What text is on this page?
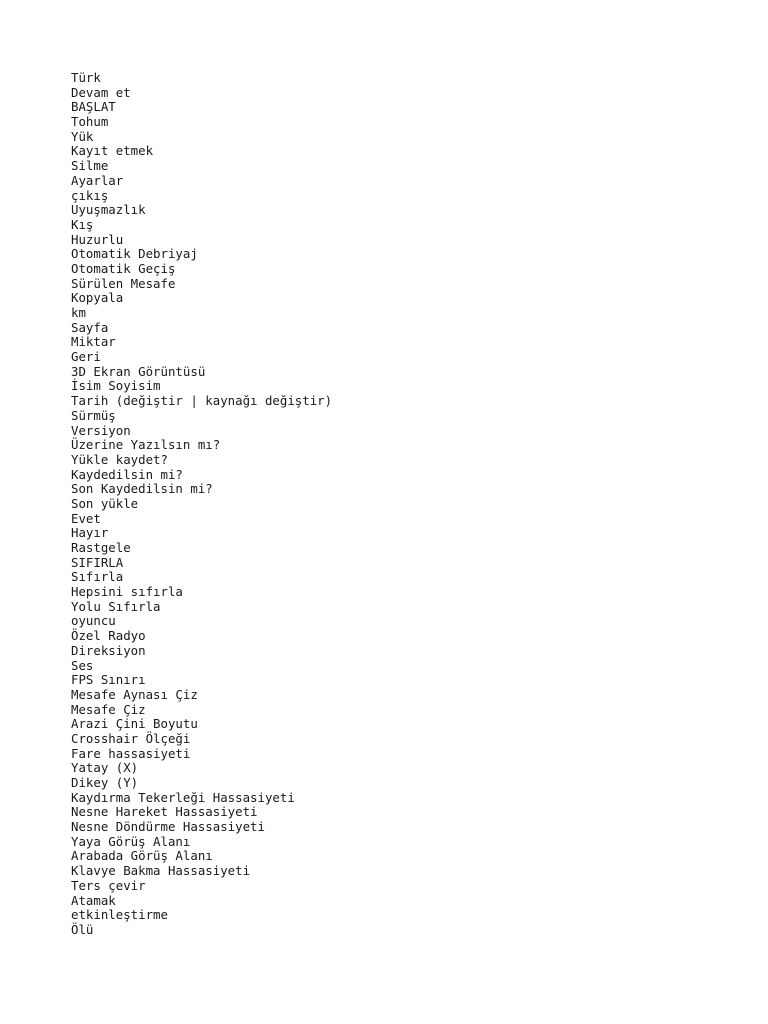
Türk
Devam et
BAŞLAT
Tohum
Yük
Kayıt etmek
Silme
Ayarlar
çıkış
Uyuşmazlık
Kış
Huzurlu
Otomatik Debriyaj
Otomatik Geçiş
Sürülen Mesafe
Kopyala
km
Sayfa
Miktar
Geri
3D Ekran Görüntüsü
İsim Soyisim
Tarih (değiştir | kaynağı değiştir)
Sürmüş
Versiyon
Üzerine Yazılsın mı?
Yükle kaydet?
Kaydedilsin mi?
Son Kaydedilsin mi?
Son yükle
Evet
Hayır
Rastgele
SIFIRLA
Sıfırla
Hepsini sıfırla
Yolu Sıfırla
oyuncu
Özel Radyo
Direksiyon
Ses
FPS Sınırı
Mesafe Aynası Çiz
Mesafe Çiz
Arazi Çini Boyutu
Crosshair Ölçeği
Fare hassasiyeti
Yatay (X)
Dikey (Y)
Kaydırma Tekerleği Hassasiyeti
Nesne Hareket Hassasiyeti
Nesne Döndürme Hassasiyeti
Yaya Görüş Alanı
Arabada Görüş Alanı
Klavye Bakma Hassasiyeti
Ters çevir
Atamak
etkinleştirme
Ölü
